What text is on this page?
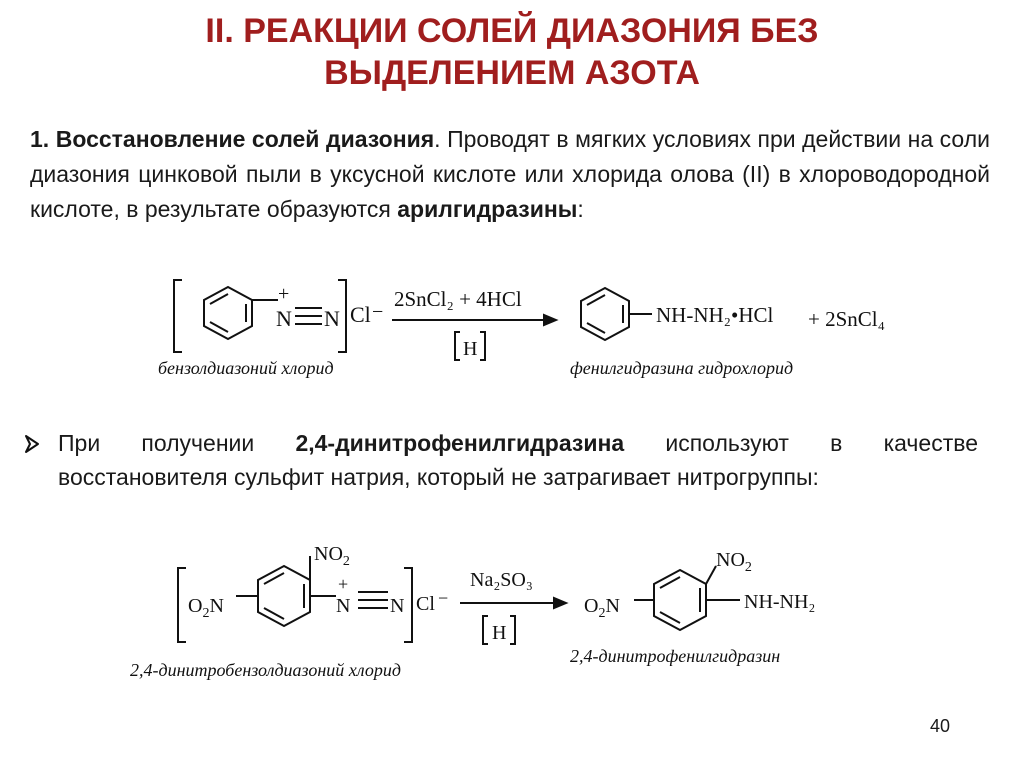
II. РЕАКЦИИ СОЛЕЙ ДИАЗОНИЯ БЕЗ
ВЫДЕЛЕНИЕМ АЗОТА
1. Восстановление солей диазония. Проводят в мягких условиях при действии на соли диазония цинковой пыли в уксусной кислоте или хлорида олова (II) в хлороводородной кислоте, в результате образуются арилгидразины:
При получении 2,4-динитрофенилгидразина используют в качестве восстановителя сульфит натрия, который не затрагивает нитрогруппы:
+
N N Cl −
2SnCl₂ + 4HCl
H
NH-NH₂•HCl + 2SnCl₄
бензолдиазоний хлорид	фенилгидразина гидрохлорид
$NO_2$
$O_2N$
+
N N Cl −
Na₂SO₃
H
$NO_2$
$O_2N$	NH-NH₂
2,4-динитробензолдиазоний хлорид
2,4-динитрофенилгидразин
40
